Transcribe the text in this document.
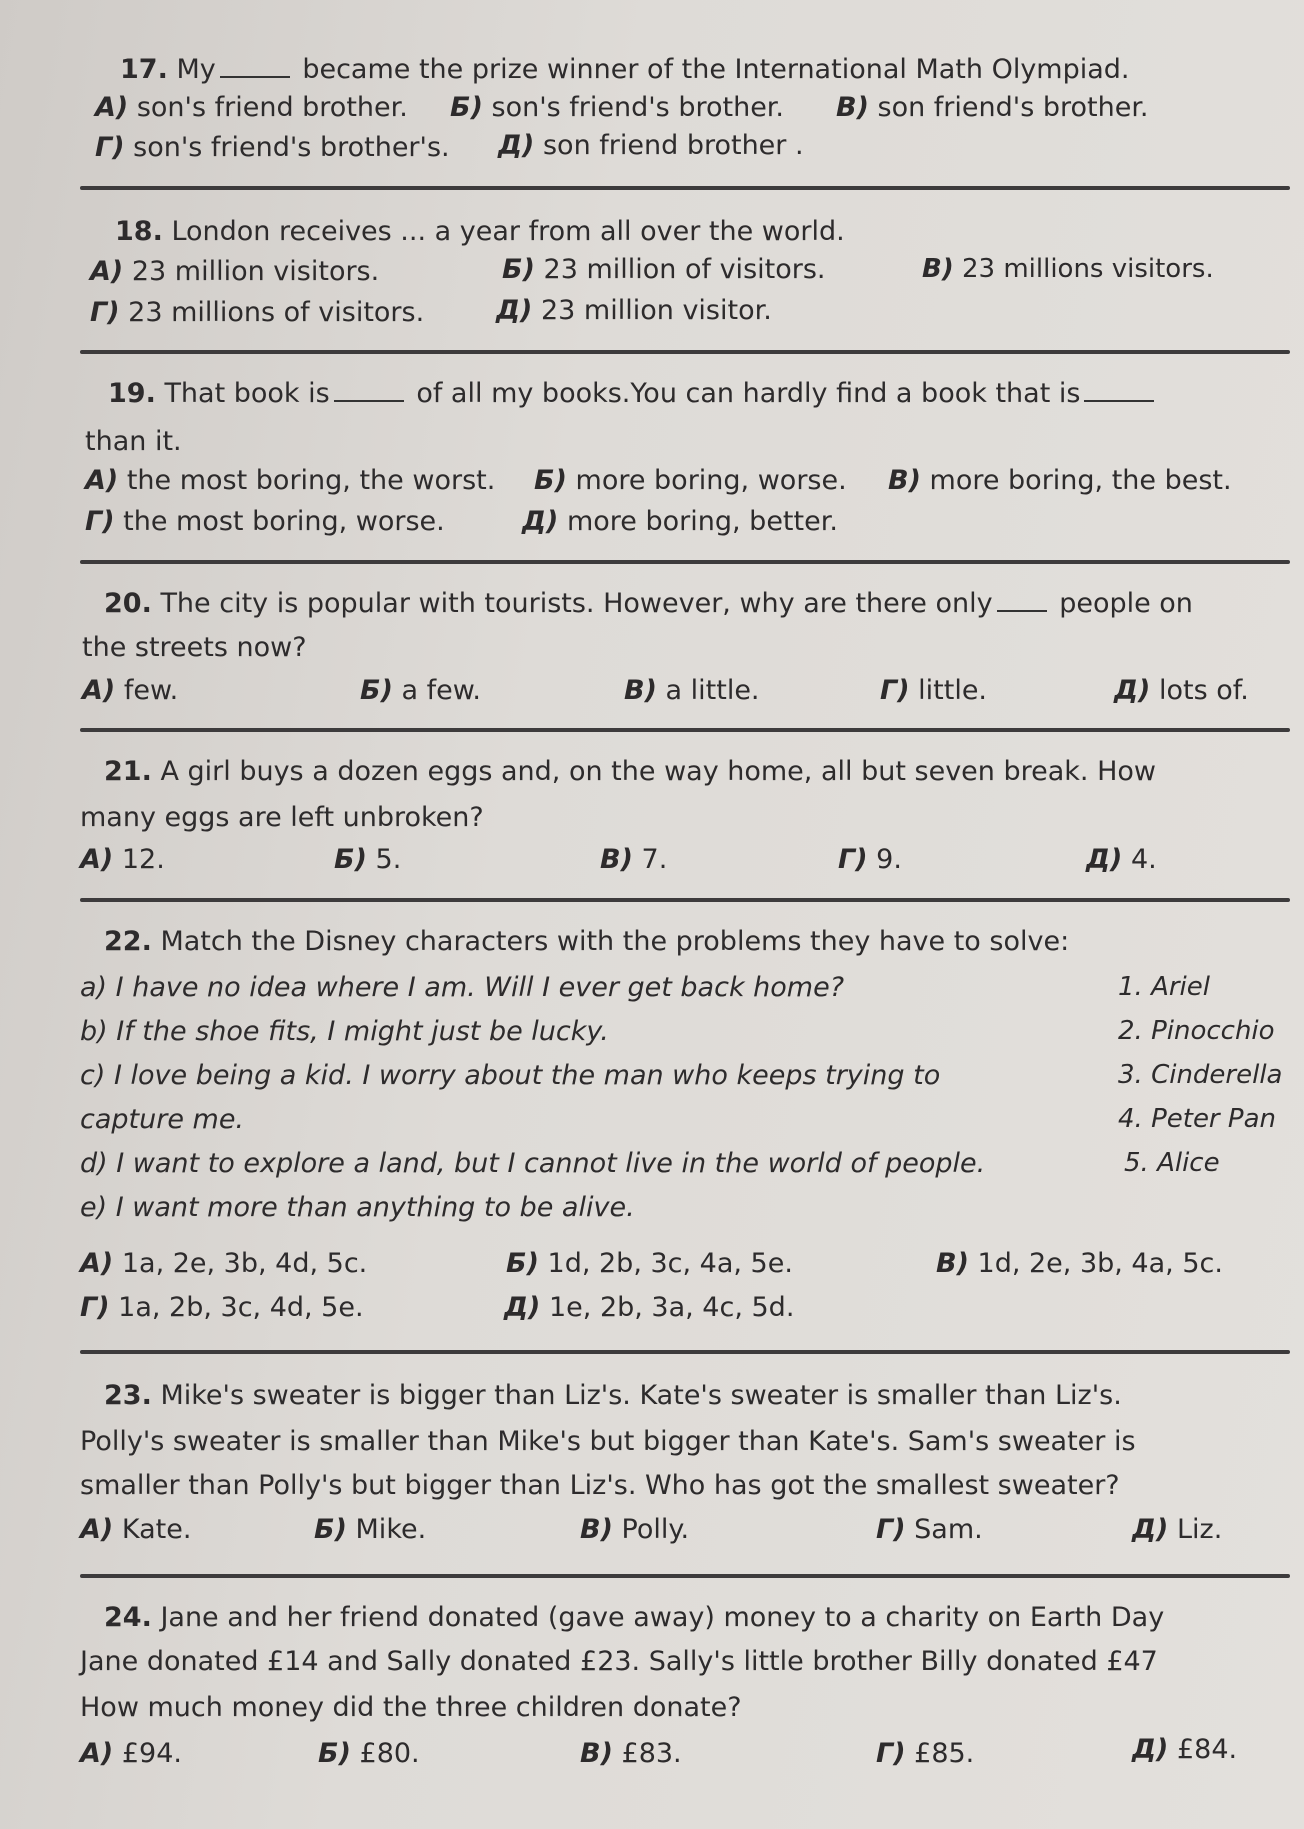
17. My	became the prize winner of the International Math Olympiad.
А) son's friend brother. Б) son's friend's brother. В) son friend's brother.
Г) son's friend's brother's. Д) son friend brother .
18. London receives ... a year from all over the world.
А) 23 million visitors.	Б) 23 million of visitors.	В) 23 millions visitors.
Г) 23 millions of visitors.	Д) 23 million visitor.
19. That book is	of all my books.You can hardly find a book that is
than it.
А) the most boring, the worst. Б) more boring, worse. В) more boring, the best.
Г) the most boring, worse.	Д) more boring, better.
20. The city is popular with tourists. However, why are there only people on
the streets now?
А) few.	Б) a few.	В) a little.	Г) little.	Д) lots of.
21. A girl buys a dozen eggs and, on the way home, all but seven break. How
many eggs are left unbroken?
А) 12.	Б) 5.	В) 7.	Г) 9.	Д) 4.
22. Match the Disney characters with the problems they have to solve:
a) I have no idea where I am. Will I ever get back home?
b) If the shoe fits, I might just be lucky.
c) I love being a kid. I worry about the man who keeps trying to
capture me.
d) I want to explore a land, but I cannot live in the world of people.
e) I want more than anything to be alive.
1. Ariel
2. Pinocchio
3. Cinderella
4. Peter Pan
5. Alice
А) 1a, 2e, 3b, 4d, 5c.	Б) 1d, 2b, 3c, 4a, 5e.	В) 1d, 2e, 3b, 4a, 5c.
Г) 1a, 2b, 3c, 4d, 5e.	Д) 1e, 2b, 3a, 4c, 5d.
23. Mike's sweater is bigger than Liz's. Kate's sweater is smaller than Liz's.
Polly's sweater is smaller than Mike's but bigger than Kate's. Sam's sweater is
smaller than Polly's but bigger than Liz's. Who has got the smallest sweater?
А) Kate.	Б) Mike.	В) Polly.	Г) Sam.	Д) Liz.
24. Jane and her friend donated (gave away) money to a charity on Earth Day
Jane donated £14 and Sally donated £23. Sally's little brother Billy donated £47
How much money did the three children donate?
А) £94.	Б) £80.	В) £83.	Г) £85.	Д) £84.
